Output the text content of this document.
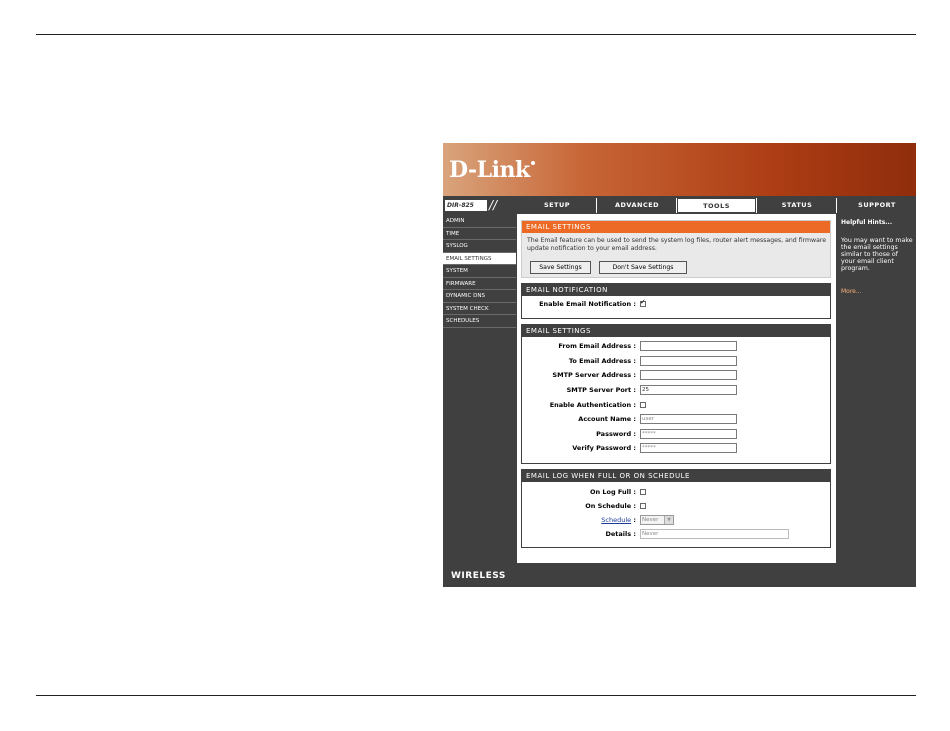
D-Link
DIR-825	//	SETUP	ADVANCED	TOOLS	STATUS	SUPPORT
ADMIN
TIME
SYSLOG
EMAIL SETTINGS
SYSTEM
FIRMWARE
DYNAMIC DNS
SYSTEM CHECK
SCHEDULES
EMAIL SETTINGS
The Email feature can be used to send the system log files, router alert messages, and firmware update notification to your email address.
Save Settings	Don't Save Settings
EMAIL NOTIFICATION
Enable Email Notification : ✓
EMAIL SETTINGS
From Email Address :
To Email Address :
SMTP Server Address :
SMTP Server Port :	25
Enable Authentication :
Account Name :	user
Password :	*****
Verify Password :	*****
EMAIL LOG WHEN FULL OR ON SCHEDULE
On Log Full :
On Schedule :
Schedule :	Never	▼
Details :	Never
Helpful Hints...
You may want to make the email settings similar to those of your email client program.
More...
WIRELESS
